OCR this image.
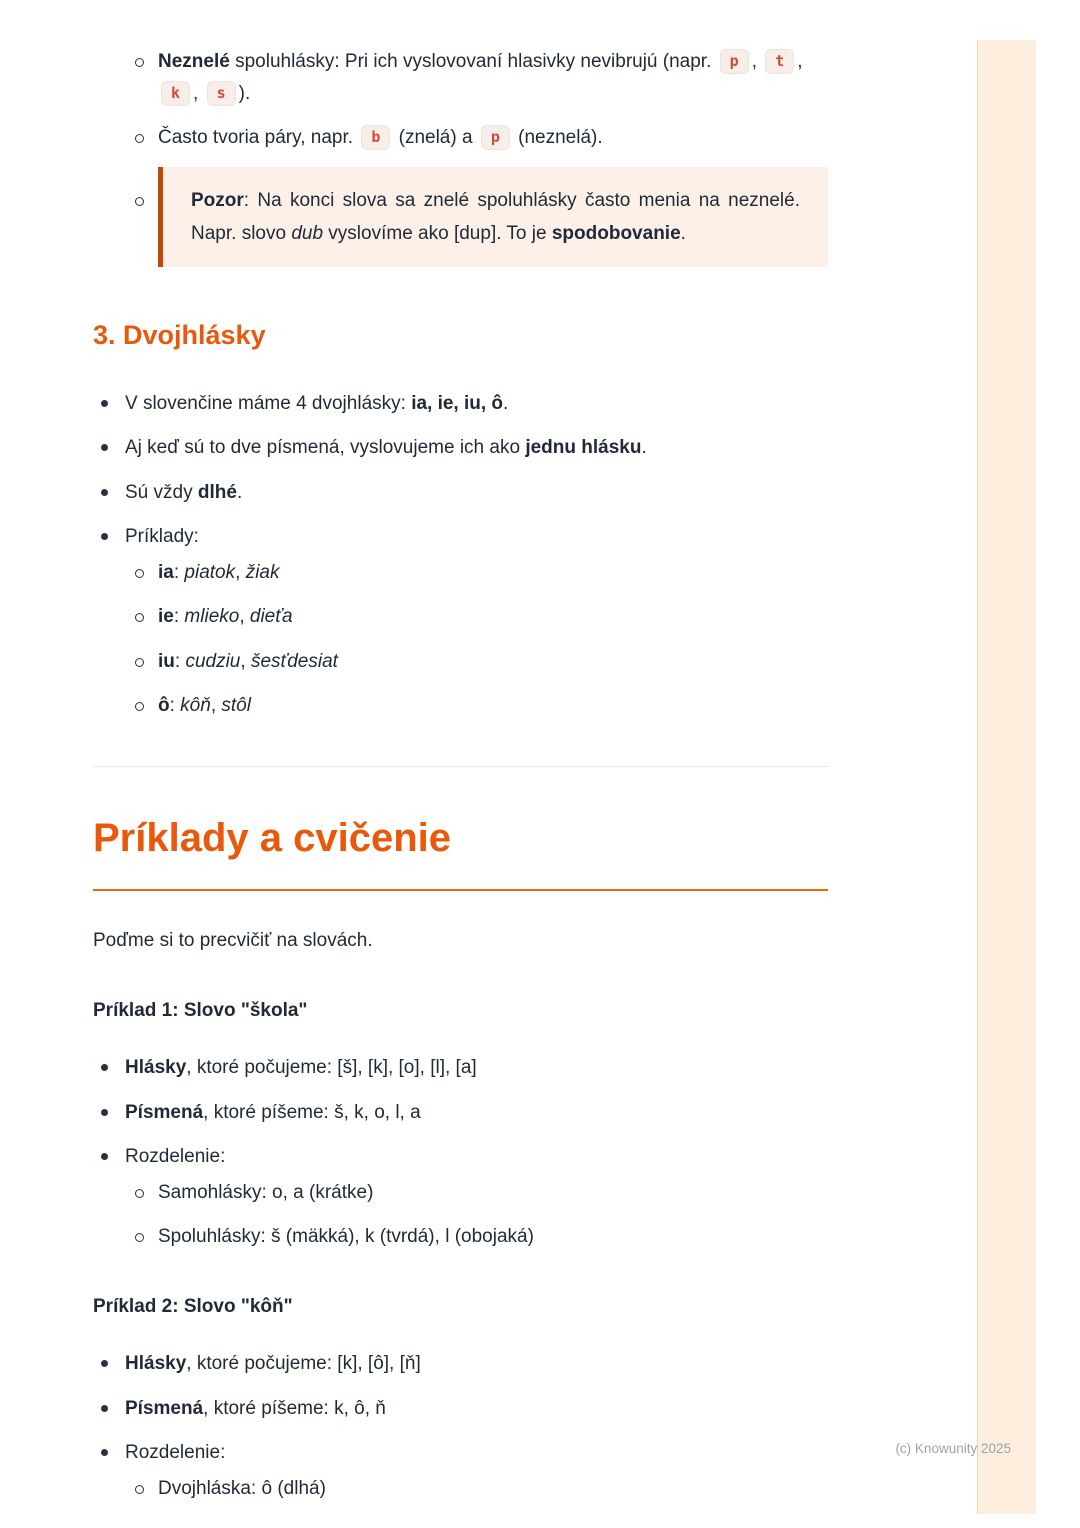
Neznelé spoluhlásky: Pri ich vyslovovaní hlasivky nevibrujú (napr. p , t , k , s ).
Často tvoria páry, napr. b (znelá) a p (neznelá).
Pozor: Na konci slova sa znelé spoluhlásky často menia na neznelé. Napr. slovo dub vyslovíme ako [dup]. To je spodobovanie.
3. Dvojhlásky
V slovenčine máme 4 dvojhlásky: ia, ie, iu, ô.
Aj keď sú to dve písmená, vyslovujeme ich ako jednu hlásku.
Sú vždy dlhé.
Príklady:
ia: piatok, žiak
ie: mlieko, dieťa
iu: cudziu, šesťdesiat
ô: kôň, stôl
Príklady a cvičenie

Poďme si to precvičiť na slovách.

Príklad 1: Slovo "škola"

Hlásky, ktoré počujeme: [š], [k], [o], [l], [a]
Písmená, ktoré píšeme: š, k, o, l, a
Rozdelenie:
Samohlásky: o, a (krátke)
Spoluhlásky: š (mäkká), k (tvrdá), l (obojaká)

Príklad 2: Slovo "kôň"

Hlásky, ktoré počujeme: [k], [ô], [ň]
Písmená, ktoré píšeme: k, ô, ň
Rozdelenie:
Dvojhláska: ô (dlhá)
(c) Knowunity 2025
